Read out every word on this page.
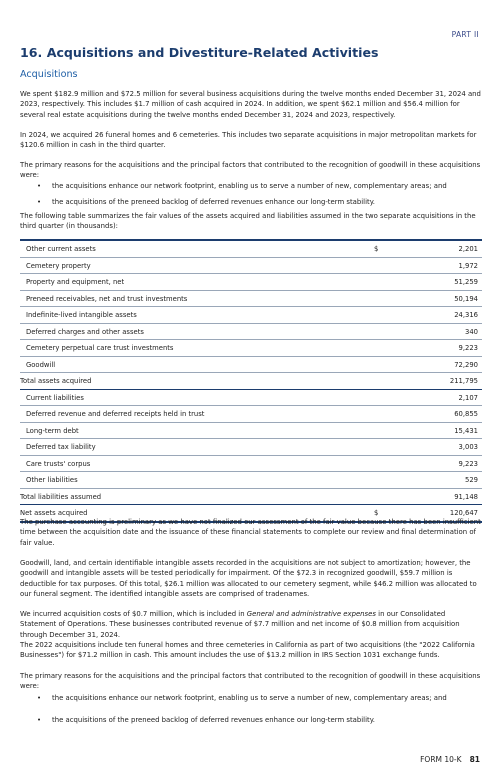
PART II
16. Acquisitions and Divestiture-Related Activities
Acquisitions

We spent $182.9 million and $72.5 million for several business acquisitions during the twelve months ended December 31, 2024 and 2023, respectively. This includes $1.7 million of cash acquired in 2024. In addition, we spent $62.1 million and $56.4 million for several real estate acquisitions during the twelve months ended December 31, 2024 and 2023, respectively.

In 2024, we acquired 26 funeral homes and 6 cemeteries. This includes two separate acquisitions in major metropolitan markets for $120.6 million in cash in the third quarter.

The primary reasons for the acquisitions and the principal factors that contributed to the recognition of goodwill in these acquisitions were:

• the acquisitions enhance our network footprint, enabling us to serve a number of new, complementary areas; and
• the acquisitions of the preneed backlog of deferred revenues enhance our long-term stability.

The following table summarizes the fair values of the assets acquired and liabilities assumed in the two separate acquisitions in the third quarter (in thousands):

Other current assets	$	2,201
Cemetery property	1,972
Property and equipment, net	51,259
Preneed receivables, net and trust investments	50,194
Indefinite-lived intangible assets	24,316
Deferred charges and other assets	340
Cemetery perpetual care trust investments	9,223
Goodwill	72,290
Total assets acquired	211,795
Current liabilities	2,107
Deferred revenue and deferred receipts held in trust	60,855
Long-term debt	15,431
Deferred tax liability	3,003
Care trusts' corpus	9,223
Other liabilities	529
Total liabilities assumed	91,148
Net assets acquired	$	120,647

The purchase accounting is preliminary as we have not finalized our assessment of the fair value because there has been insufficient time between the acquisition date and the issuance of these financial statements to complete our review and final determination of fair value.

Goodwill, land, and certain identifiable intangible assets recorded in the acquisitions are not subject to amortization; however, the goodwill and intangible assets will be tested periodically for impairment. Of the $72.3 in recognized goodwill, $59.7 million is deductible for tax purposes. Of this total, $26.1 million was allocated to our cemetery segment, while $46.2 million was allocated to our funeral segment. The identified intangible assets are comprised of tradenames.

We incurred acquisition costs of $0.7 million, which is included in General and administrative expenses in our Consolidated Statement of Operations. These businesses contributed revenue of $7.7 million and net income of $0.8 million from acquisition through December 31, 2024.

The 2022 acquisitions include ten funeral homes and three cemeteries in California as part of two acquisitions (the "2022 California Businesses") for $71.2 million in cash. This amount includes the use of $13.2 million in IRS Section 1031 exchange funds.

The primary reasons for the acquisitions and the principal factors that contributed to the recognition of goodwill in these acquisitions were:

• the acquisitions enhance our network footprint, enabling us to serve a number of new, complementary areas; and
• the acquisitions of the preneed backlog of deferred revenues enhance our long-term stability.
FORM 10-K 81
